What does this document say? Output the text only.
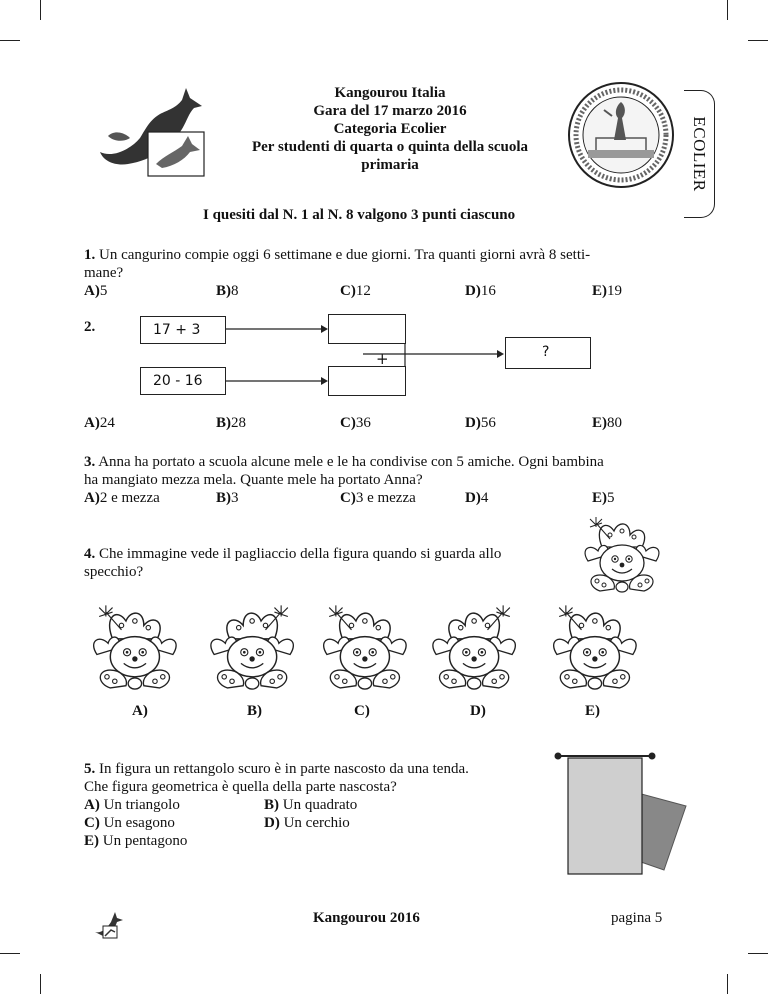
Kangourou Italia
Gara del 17 marzo 2016
Categoria Ecolier
Per studenti di quarta o quinta della scuola
primaria	ECOLIER
I quesiti dal N. 1 al N. 8 valgono 3 punti ciascuno
1. Un cangurino compie oggi 6 settimane e due giorni. Tra quanti giorni avrà 8 setti-
mane?
A) 5	B) 8	C) 12	D) 16	E) 19
2.	17 + 3
20 - 16
?
+
A) 24	B) 28	C) 36	D) 56	E) 80
3. Anna ha portato a scuola alcune mele e le ha condivise con 5 amiche. Ogni bambina
ha mangiato mezza mela. Quante mele ha portato Anna?
A) 2 e mezza	B) 3	C) 3 e mezza	D) 4	E) 5
4. Che immagine vede il pagliaccio della figura quando si guarda allo
specchio?
A)	B)	C)	D)	E)
5. In figura un rettangolo scuro è in parte nascosto da una tenda.
Che figura geometrica è quella della parte nascosta?
A) Un triangolo	B) Un quadrato
C) Un esagono	D) Un cerchio
E) Un pentagono
Kangourou 2016	pagina 5
